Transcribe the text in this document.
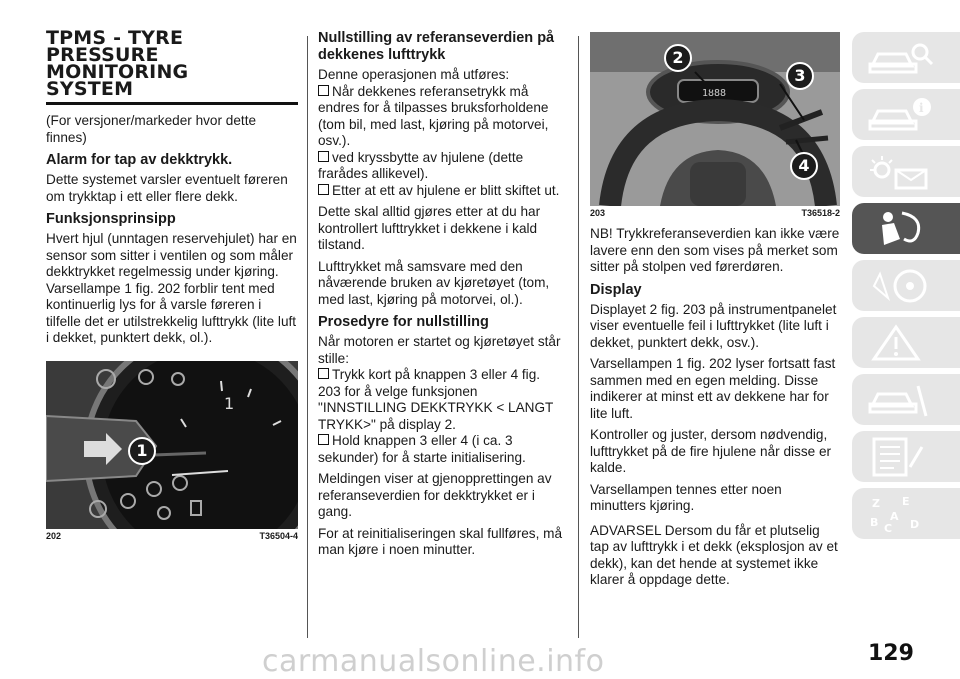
TPMS - TYRE
PRESSURE
MONITORING
SYSTEM

(For versjoner/markeder hvor dette finnes)

Alarm for tap av dekktrykk.

Dette systemet varsler eventuelt føreren om trykktap i ett eller flere dekk.

Funksjonsprinsipp

Hvert hjul (unntagen reservehjulet) har en sensor som sitter i ventilen og som måler dekktrykket regelmessig under kjøring. Varsellampe 1 fig. 202 forblir tent med kontinuerlig lys for å varsle føreren i tilfelle det er utilstrekkelig lufttrykk (lite luft i dekket, punktert dekk, ol.).

1
1
202	T36504-4
Nullstilling av referanseverdien på dekkenes lufttrykk

Denne operasjonen må utføres:

Når dekkenes referansetrykk må endres for å tilpasses bruksforholdene (tom bil, med last, kjøring på motorvei, osv.).

ved kryssbytte av hjulene (dette frarådes allikevel).

Etter at ett av hjulene er blitt skiftet ut.

Dette skal alltid gjøres etter at du har kontrollert lufttrykket i dekkene i kald tilstand.

Lufttrykket må samsvare med den nåværende bruken av kjøretøyet (tom, med last, kjøring på motorvei, ol.).

Prosedyre for nullstilling

Når motoren er startet og kjøretøyet står stille:

Trykk kort på knappen 3 eller 4 fig. 203 for å velge funksjonen "INNSTILLING DEKKTRYKK < LANGT TRYKK>" på display 2.

Hold knappen 3 eller 4 (i ca. 3 sekunder) for å starte initialisering.

Meldingen viser at gjenopprettingen av referanseverdien for dekktrykket er i gang.

For at reinitialiseringen skal fullføres, må man kjøre i noen minutter.

1888
2
3
4
203	T36518-2

NB! Trykkreferanseverdien kan ikke være lavere enn den som vises på merket som sitter på stolpen ved førerdøren.

Display

Displayet 2 fig. 203 på instrumentpanelet viser eventuelle feil i lufttrykket (lite luft i dekket, punktert dekk, osv.).

Varsellampen 1 fig. 202 lyser fortsatt fast sammen med en egen melding. Disse indikerer at minst ett av dekkene har for lite luft.

Kontroller og juster, dersom nødvendig, lufttrykket på de fire hjulene når disse er kalde.

Varsellampen tennes etter noen minutters kjøring.

ADVARSEL Dersom du får et plutselig tap av lufttrykk i et dekk (eksplosjon av et dekk), kan det hende at systemet ikke klarer å oppdage dette.

i
Z E
B A
C D
129
carmanualsonline.info
